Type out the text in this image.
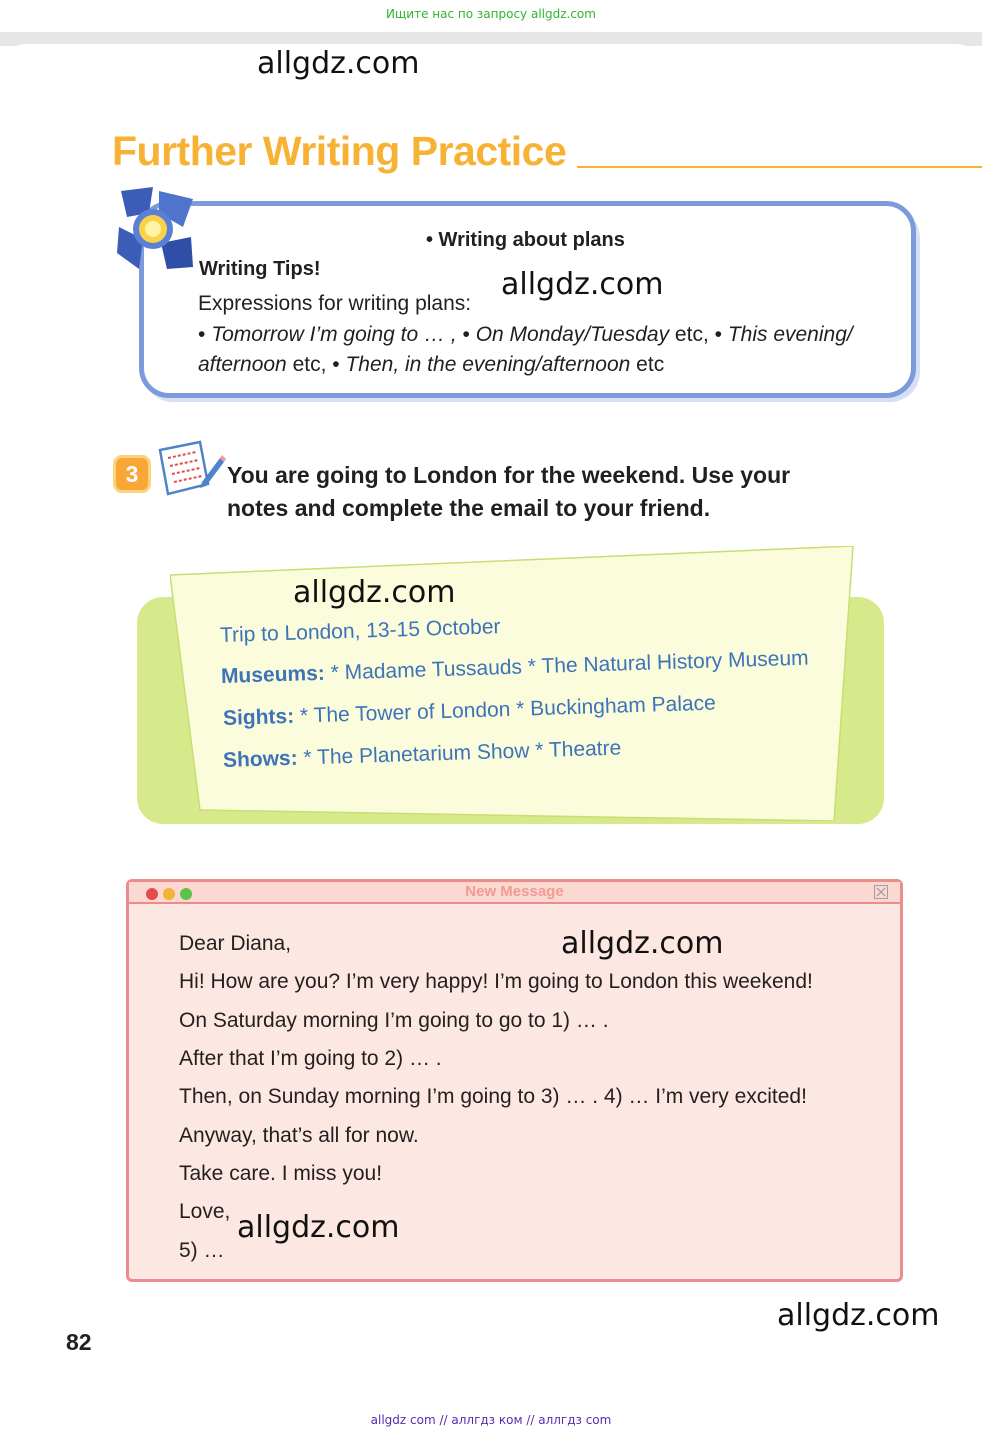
Ищите нас по запросу allgdz.com
allgdz.com
Further Writing Practice
• Writing about plans
Writing Tips!
Expressions for writing plans:
• Tomorrow I’m going to … , • On Monday/Tuesday etc, • This evening/
afternoon etc, • Then, in the evening/afternoon etc
allgdz.com
3	You are going to London for the weekend. Use your notes and complete the email to your friend.
allgdz.com
Trip to London, 13-15 October
Museums: * Madame Tussauds * The Natural History Museum
Sights: * The Tower of London * Buckingham Palace
Shows: * The Planetarium Show * Theatre
New Message
Dear Diana,
Hi! How are you? I’m very happy! I’m going to London this weekend!
On Saturday morning I’m going to go to 1) … .
After that I’m going to 2) … .
Then, on Sunday morning I’m going to 3) … . 4) … I’m very excited!
Anyway, that’s all for now.
Take care. I miss you!
Love,
5) …
allgdz.com
allgdz.com
allgdz.com
82
allgdz com // аллгдз ком // аллгдз com
